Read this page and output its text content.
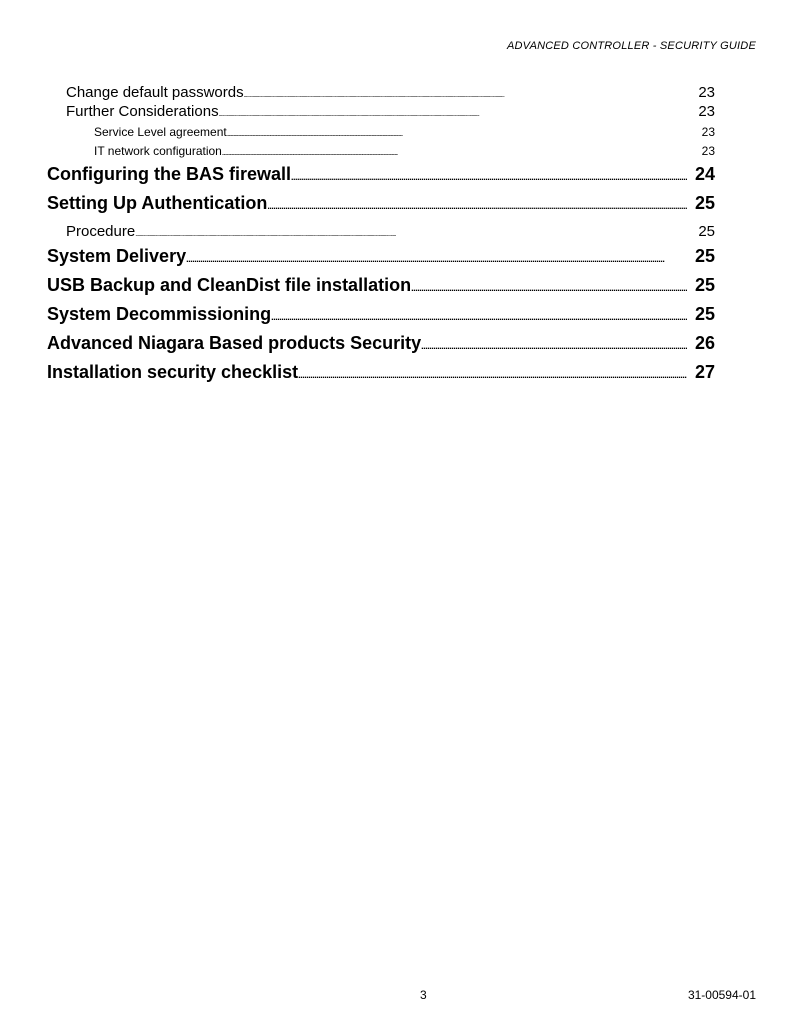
ADVANCED CONTROLLER - SECURITY GUIDE
Change default passwords . . .	23
Further Considerations . . .	23
Service Level agreement . . .	23
IT network configuration . . .	23
Configuring the BAS firewall . . .	24
Setting Up Authentication . . .	25
Procedure . . .	25
System Delivery . . .	25
USB Backup and CleanDist file installation . . .	25
System Decommissioning . . .	25
Advanced Niagara Based products Security . . .	26
Installation security checklist . . .	27
3	31-00594-01
